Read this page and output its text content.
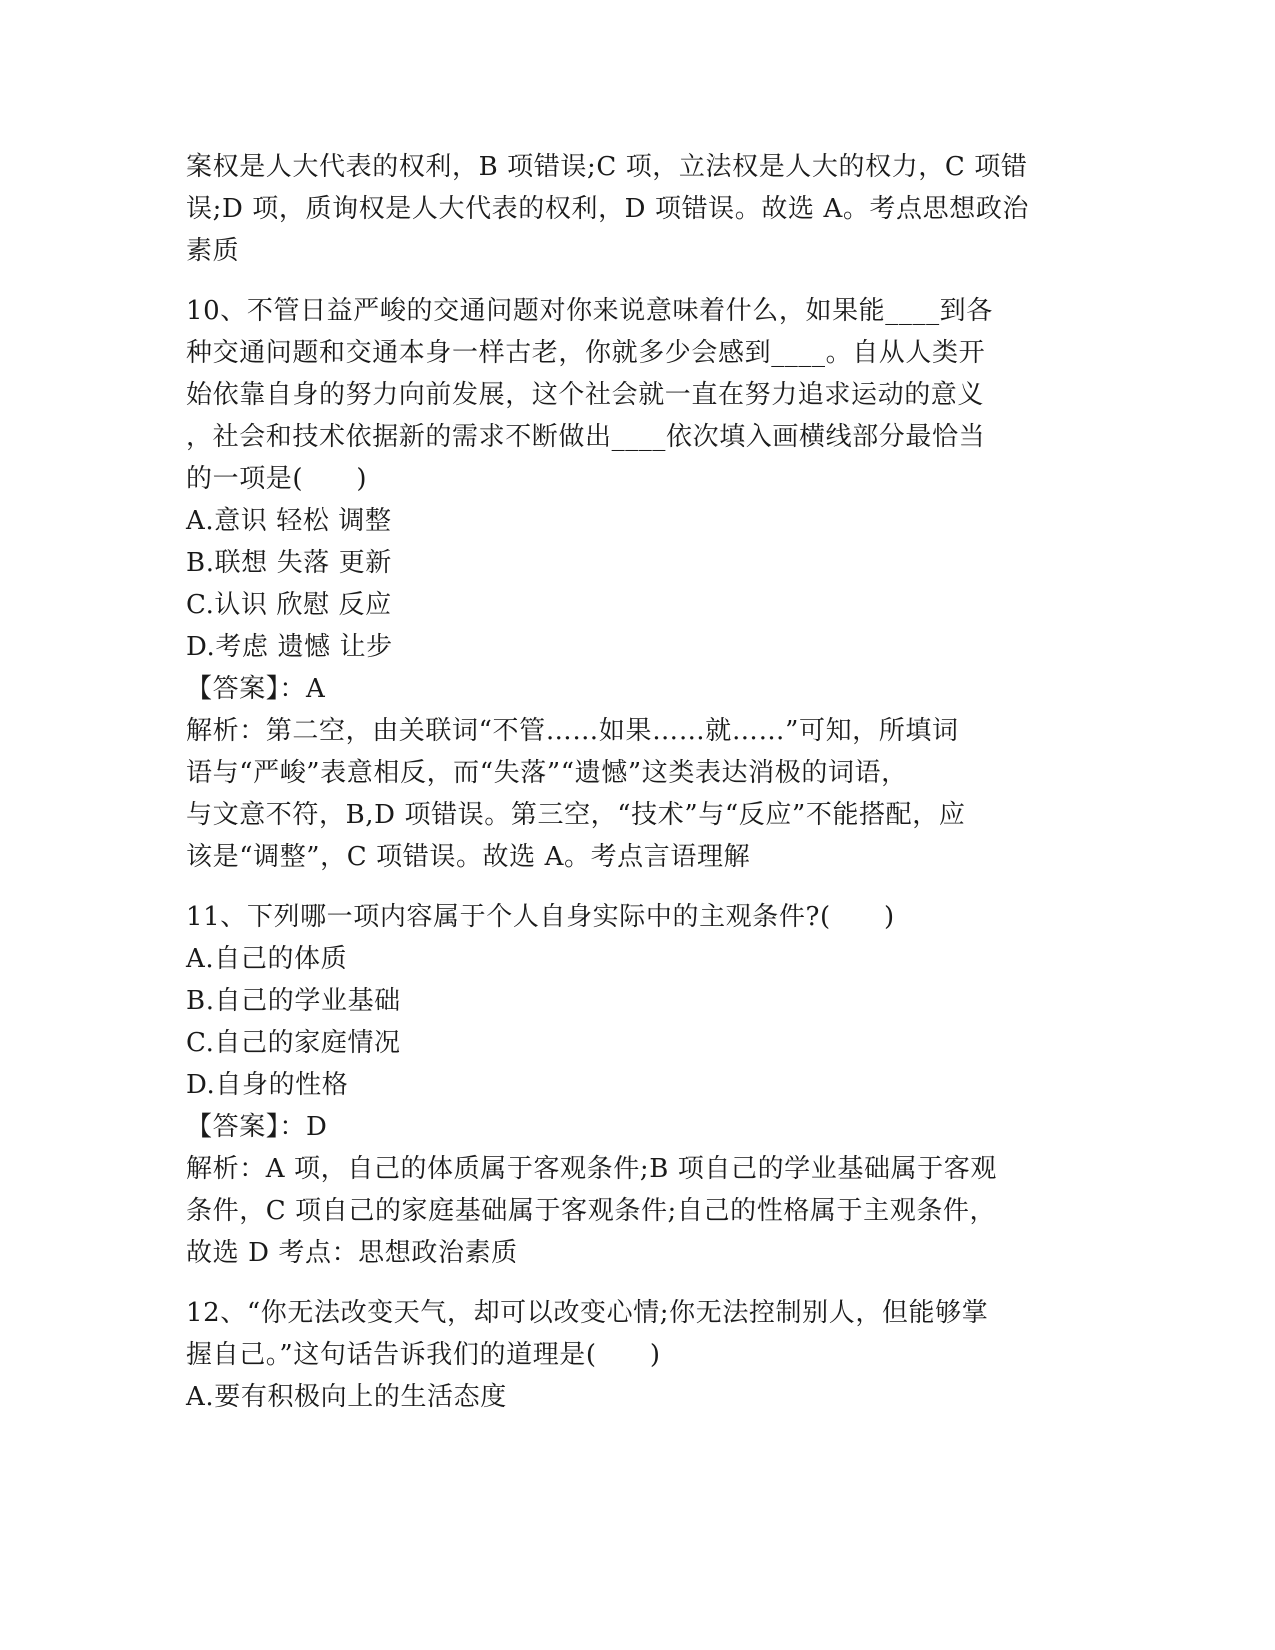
案权是人大代表的权利，B 项错误;C 项，立法权是人大的权力，C 项错
误;D 项，质询权是人大代表的权利，D 项错误。故选 A。考点思想政治
素质
10、不管日益严峻的交通问题对你来说意味着什么，如果能____到各
种交通问题和交通本身一样古老，你就多少会感到____。自从人类开
始依靠自身的努力向前发展，这个社会就一直在努力追求运动的意义
，社会和技术依据新的需求不断做出____依次填入画横线部分最恰当
的一项是(　　)
A.意识 轻松 调整
B.联想 失落 更新
C.认识 欣慰 反应
D.考虑 遗憾 让步
【答案】：A
解析：第二空，由关联词“不管……如果……就……”可知，所填词
语与“严峻”表意相反，而“失落”“遗憾”这类表达消极的词语，
与文意不符，B,D 项错误。第三空，“技术”与“反应”不能搭配，应
该是“调整”，C 项错误。故选 A。考点言语理解
11、下列哪一项内容属于个人自身实际中的主观条件?(　　)
A.自己的体质
B.自己的学业基础
C.自己的家庭情况
D.自身的性格
【答案】：D
解析：A 项，自己的体质属于客观条件;B 项自己的学业基础属于客观
条件，C 项自己的家庭基础属于客观条件;自己的性格属于主观条件，
故选 D 考点：思想政治素质
12、“你无法改变天气，却可以改变心情;你无法控制别人，但能够掌
握自己。”这句话告诉我们的道理是(　　)
A.要有积极向上的生活态度
